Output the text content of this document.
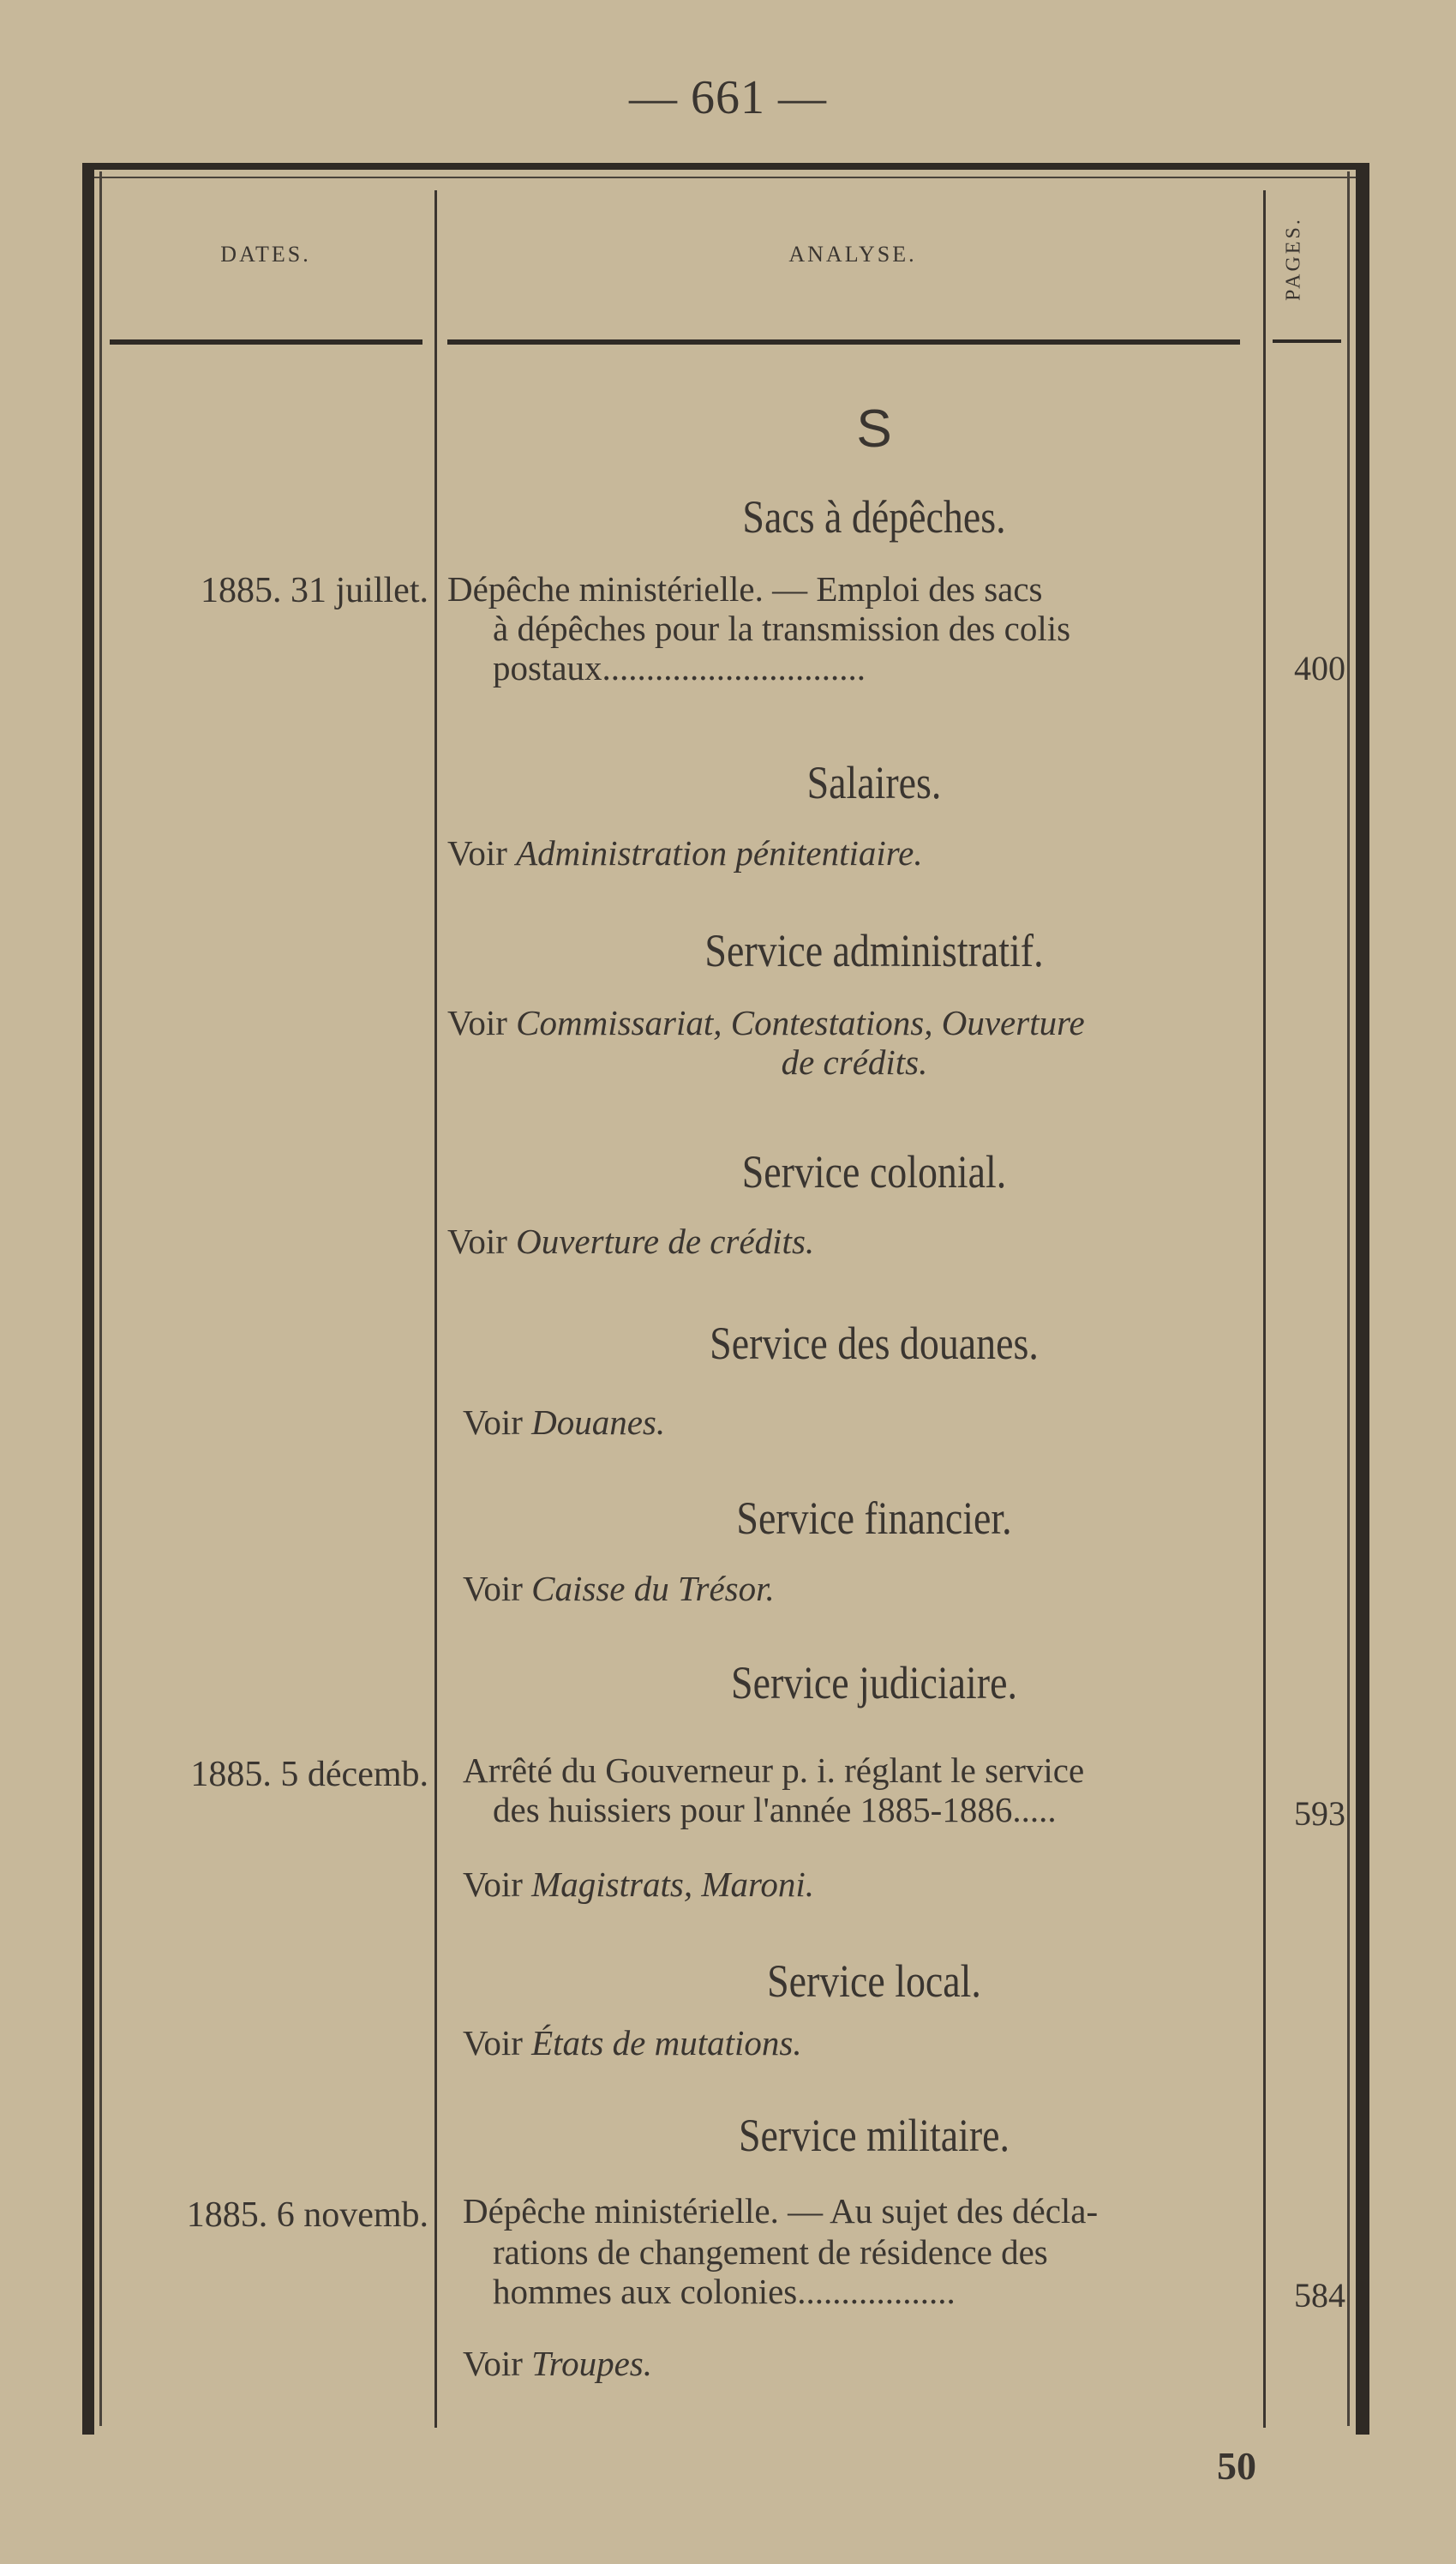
— 661 —
DATES.	ANALYSE.	PAGES.
S
Sacs à dépêches.
1885. 31 juillet. Dépêche ministérielle. — Emploi des sacs
à dépêches pour la transmission des colis
postaux..............................	400
Salaires.
Voir Administration pénitentiaire.
Service administratif.
Voir Commissariat, Contestations, Ouverture
de crédits.
Service colonial.
Voir Ouverture de crédits.
Service des douanes.
Voir Douanes.
Service financier.
Voir Caisse du Trésor.
Service judiciaire.
1885. 5 décemb. Arrêté du Gouverneur p. i. réglant le service
des huissiers pour l'année 1885-1886.....	593
Voir Magistrats, Maroni.
Service local.
Voir États de mutations.
Service militaire.
1885. 6 novemb. Dépêche ministérielle. — Au sujet des décla-
rations de changement de résidence des
hommes aux colonies..................	584
Voir Troupes.
50
